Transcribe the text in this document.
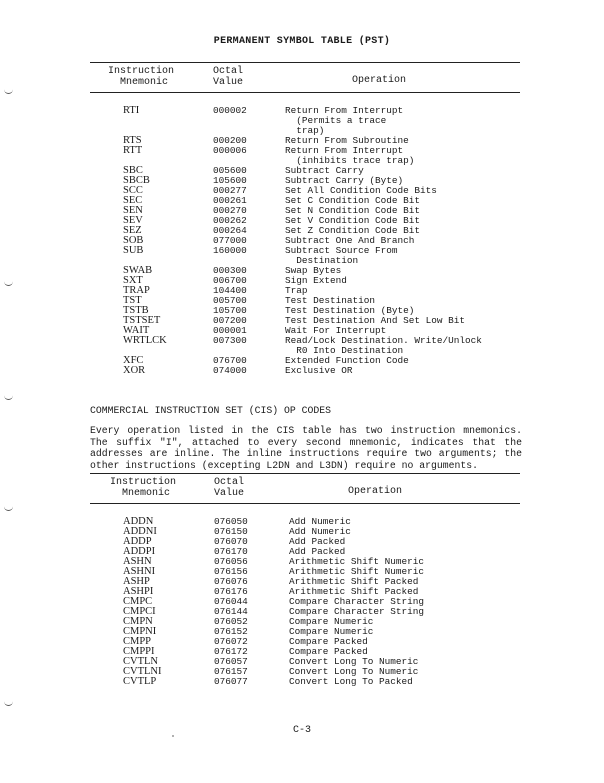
PERMANENT SYMBOL TABLE (PST)
Instruction
Mnemonic
Octal
Value	Operation
RTI	000002	Return From Interrupt
(Permits a trace
trap)
RTS	000200	Return From Subroutine
RTT	000006	Return From Interrupt
(inhibits trace trap)
SBC	005600	Subtract Carry
SBCB	105600	Subtract Carry (Byte)
SCC	000277	Set All Condition Code Bits
SEC	000261	Set C Condition Code Bit
SEN	000270	Set N Condition Code Bit
SEV	000262	Set V Condition Code Bit
SEZ	000264	Set Z Condition Code Bit
SOB	077000	Subtract One And Branch
SUB	160000	Subtract Source From
Destination
SWAB	000300	Swap Bytes
SXT	006700	Sign Extend
TRAP	104400	Trap
TST	005700	Test Destination
TSTB	105700	Test Destination (Byte)
TSTSET	007200	Test Destination And Set Low Bit
WAIT	000001	Wait For Interrupt
WRTLCK	007300	Read/Lock Destination. Write/Unlock
R0 Into Destination
XFC	076700	Extended Function Code
XOR	074000	Exclusive OR
COMMERCIAL INSTRUCTION SET (CIS) OP CODES
Every operation listed in the CIS table has two instruction mnemonics. The suffix "I", attached to every second mnemonic, indicates that the addresses are inline. The inline instructions require two arguments; the other instructions (excepting L2DN and L3DN) require no arguments.
Instruction
Mnemonic
Octal
Value	Operation
ADDN	076050	Add Numeric
ADDNI	076150	Add Numeric
ADDP	076070	Add Packed
ADDPI	076170	Add Packed
ASHN	076056	Arithmetic Shift Numeric
ASHNI	076156	Arithmetic Shift Numeric
ASHP	076076	Arithmetic Shift Packed
ASHPI	076176	Arithmetic Shift Packed
CMPC	076044	Compare Character String
CMPCI	076144	Compare Character String
CMPN	076052	Compare Numeric
CMPNI	076152	Compare Numeric
CMPP	076072	Compare Packed
CMPPI	076172	Compare Packed
CVTLN	076057	Convert Long To Numeric
CVTLNI	076157	Convert Long To Numeric
CVTLP	076077	Convert Long To Packed
C-3
